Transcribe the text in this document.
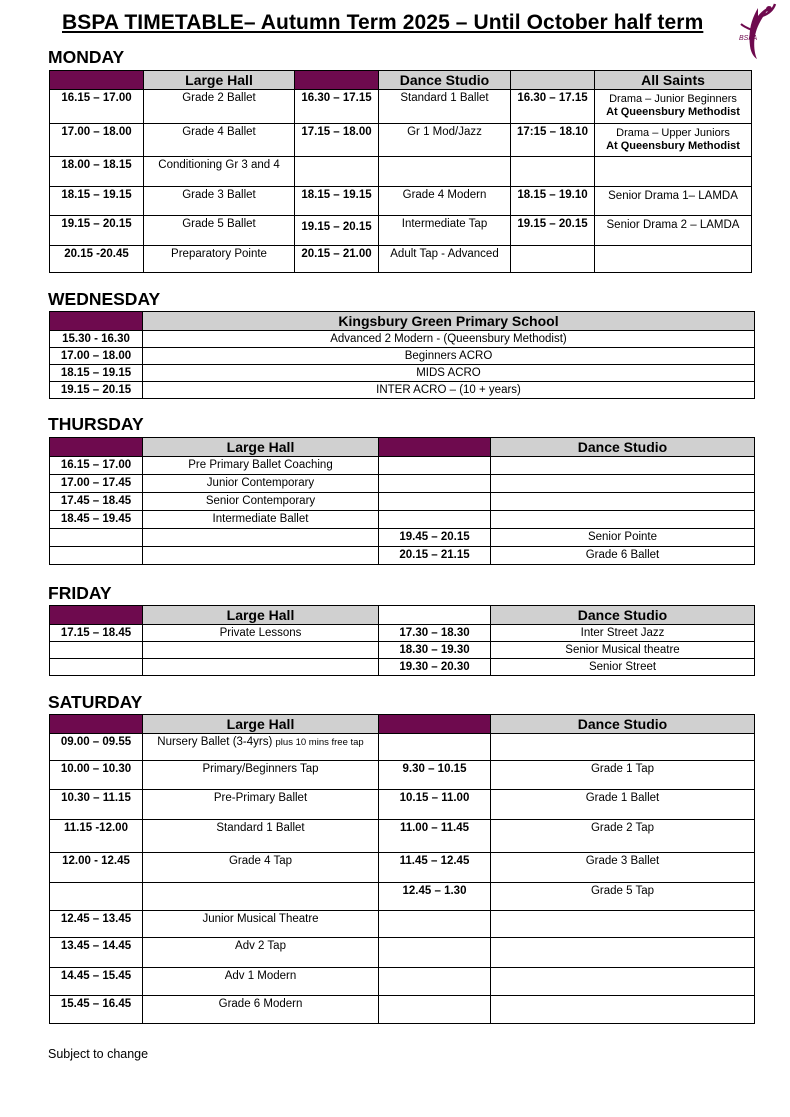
BSPA TIMETABLE– Autumn Term 2025 – Until October half term
BSPA
MONDAY
	Large Hall		Dance Studio		All Saints
16.15 – 17.00	Grade 2 Ballet	16.30 – 17.15	Standard 1 Ballet	16.30 – 17.15	Drama – Junior Beginners
At Queensbury Methodist

17.00 – 18.00	Grade 4 Ballet	17.15 – 18.00	Gr 1 Mod/Jazz	17:15 – 18.10	Drama – Upper Juniors
At Queensbury Methodist

18.00 – 18.15	Conditioning Gr 3 and 4				

18.15 – 19.15	Grade 3 Ballet	18.15 – 19.15	Grade 4 Modern	18.15 – 19.10	Senior Drama 1– LAMDA

19.15 – 20.15	Grade 5 Ballet	19.15 – 20.15	Intermediate Tap	19.15 – 20.15	Senior Drama 2 – LAMDA

20.15 -20.45	Preparatory Pointe	20.15 – 21.00	Adult Tap - Advanced		
WEDNESDAY
	Kingsbury Green Primary School
15.30 - 16.30	Advanced 2 Modern - (Queensbury Methodist)
17.00 – 18.00	Beginners ACRO
18.15 – 19.15	MIDS ACRO
19.15 – 20.15	INTER ACRO – (10 + years)
THURSDAY
	Large Hall		Dance Studio
16.15 – 17.00	Pre Primary Ballet Coaching		
17.00 – 17.45	Junior Contemporary		
17.45 – 18.45	Senior Contemporary		
18.45 – 19.45	Intermediate Ballet		
		19.45 – 20.15	Senior Pointe
		20.15 – 21.15	Grade 6 Ballet
FRIDAY
	Large Hall		Dance Studio
17.15 – 18.45	Private Lessons	17.30 – 18.30	Inter Street Jazz
		18.30 – 19.30	Senior Musical theatre
		19.30 – 20.30	Senior Street
SATURDAY
	Large Hall		Dance Studio
09.00 – 09.55	Nursery Ballet (3-4yrs) plus 10 mins free tap		
10.00 – 10.30	Primary/Beginners Tap	9.30 – 10.15	Grade 1 Tap
10.30 – 11.15	Pre-Primary Ballet	10.15 – 11.00	Grade 1 Ballet
11.15 -12.00	Standard 1 Ballet	11.00 – 11.45	Grade 2 Tap
12.00 - 12.45	Grade 4 Tap	11.45 – 12.45	Grade 3 Ballet
		12.45 – 1.30	Grade 5 Tap
12.45 – 13.45	Junior Musical Theatre		
13.45 – 14.45	Adv 2 Tap		
14.45 – 15.45	Adv 1 Modern		
15.45 – 16.45	Grade 6 Modern		
Subject to change
